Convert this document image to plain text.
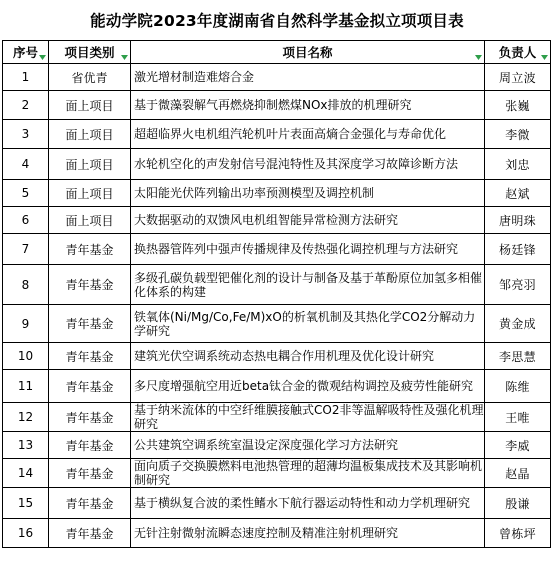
能动学院2023年度湖南省自然科学基金拟立项项目表
序号	项目类别	项目名称	负责人

1	省优青	激光增材制造难熔合金	周立波
2	面上项目	基于微藻裂解气再燃烧抑制燃煤NOx排放的机理研究	张巍
3	面上项目	超超临界火电机组汽轮机叶片表面高熵合金强化与寿命优化	李微
4	面上项目	水轮机空化的声发射信号混沌特性及其深度学习故障诊断方法	刘忠
5	面上项目	太阳能光伏阵列输出功率预测模型及调控机制	赵斌
6	面上项目	大数据驱动的双馈风电机组智能异常检测方法研究	唐明珠
7	青年基金	换热器管阵列中强声传播规律及传热强化调控机理与方法研究	杨廷锋
8	青年基金	多级孔碳负载型钯催化剂的设计与制备及基于革酚原位加氢多相催化体系的构建	邹亮羽
9	青年基金	铁氧体(Ni/Mg/Co,Fe/M)xO的析氧机制及其热化学CO2分解动力学研究	黄金成
10	青年基金	建筑光伏空调系统动态热电耦合作用机理及优化设计研究	李思慧
11	青年基金	多尺度增强航空用近beta钛合金的微观结构调控及疲劳性能研究	陈维
12	青年基金	基于纳米流体的中空纤维膜接触式CO2非等温解吸特性及强化机理研究	王唯
13	青年基金	公共建筑空调系统室温设定深度强化学习方法研究	李威
14	青年基金	面向质子交换膜燃料电池热管理的超薄均温板集成技术及其影响机制研究	赵晶
15	青年基金	基于横纵复合波的柔性鳍水下航行器运动特性和动力学机理研究	殷谦
16	青年基金	无针注射微射流瞬态速度控制及精准注射机理研究	曾栋坪
